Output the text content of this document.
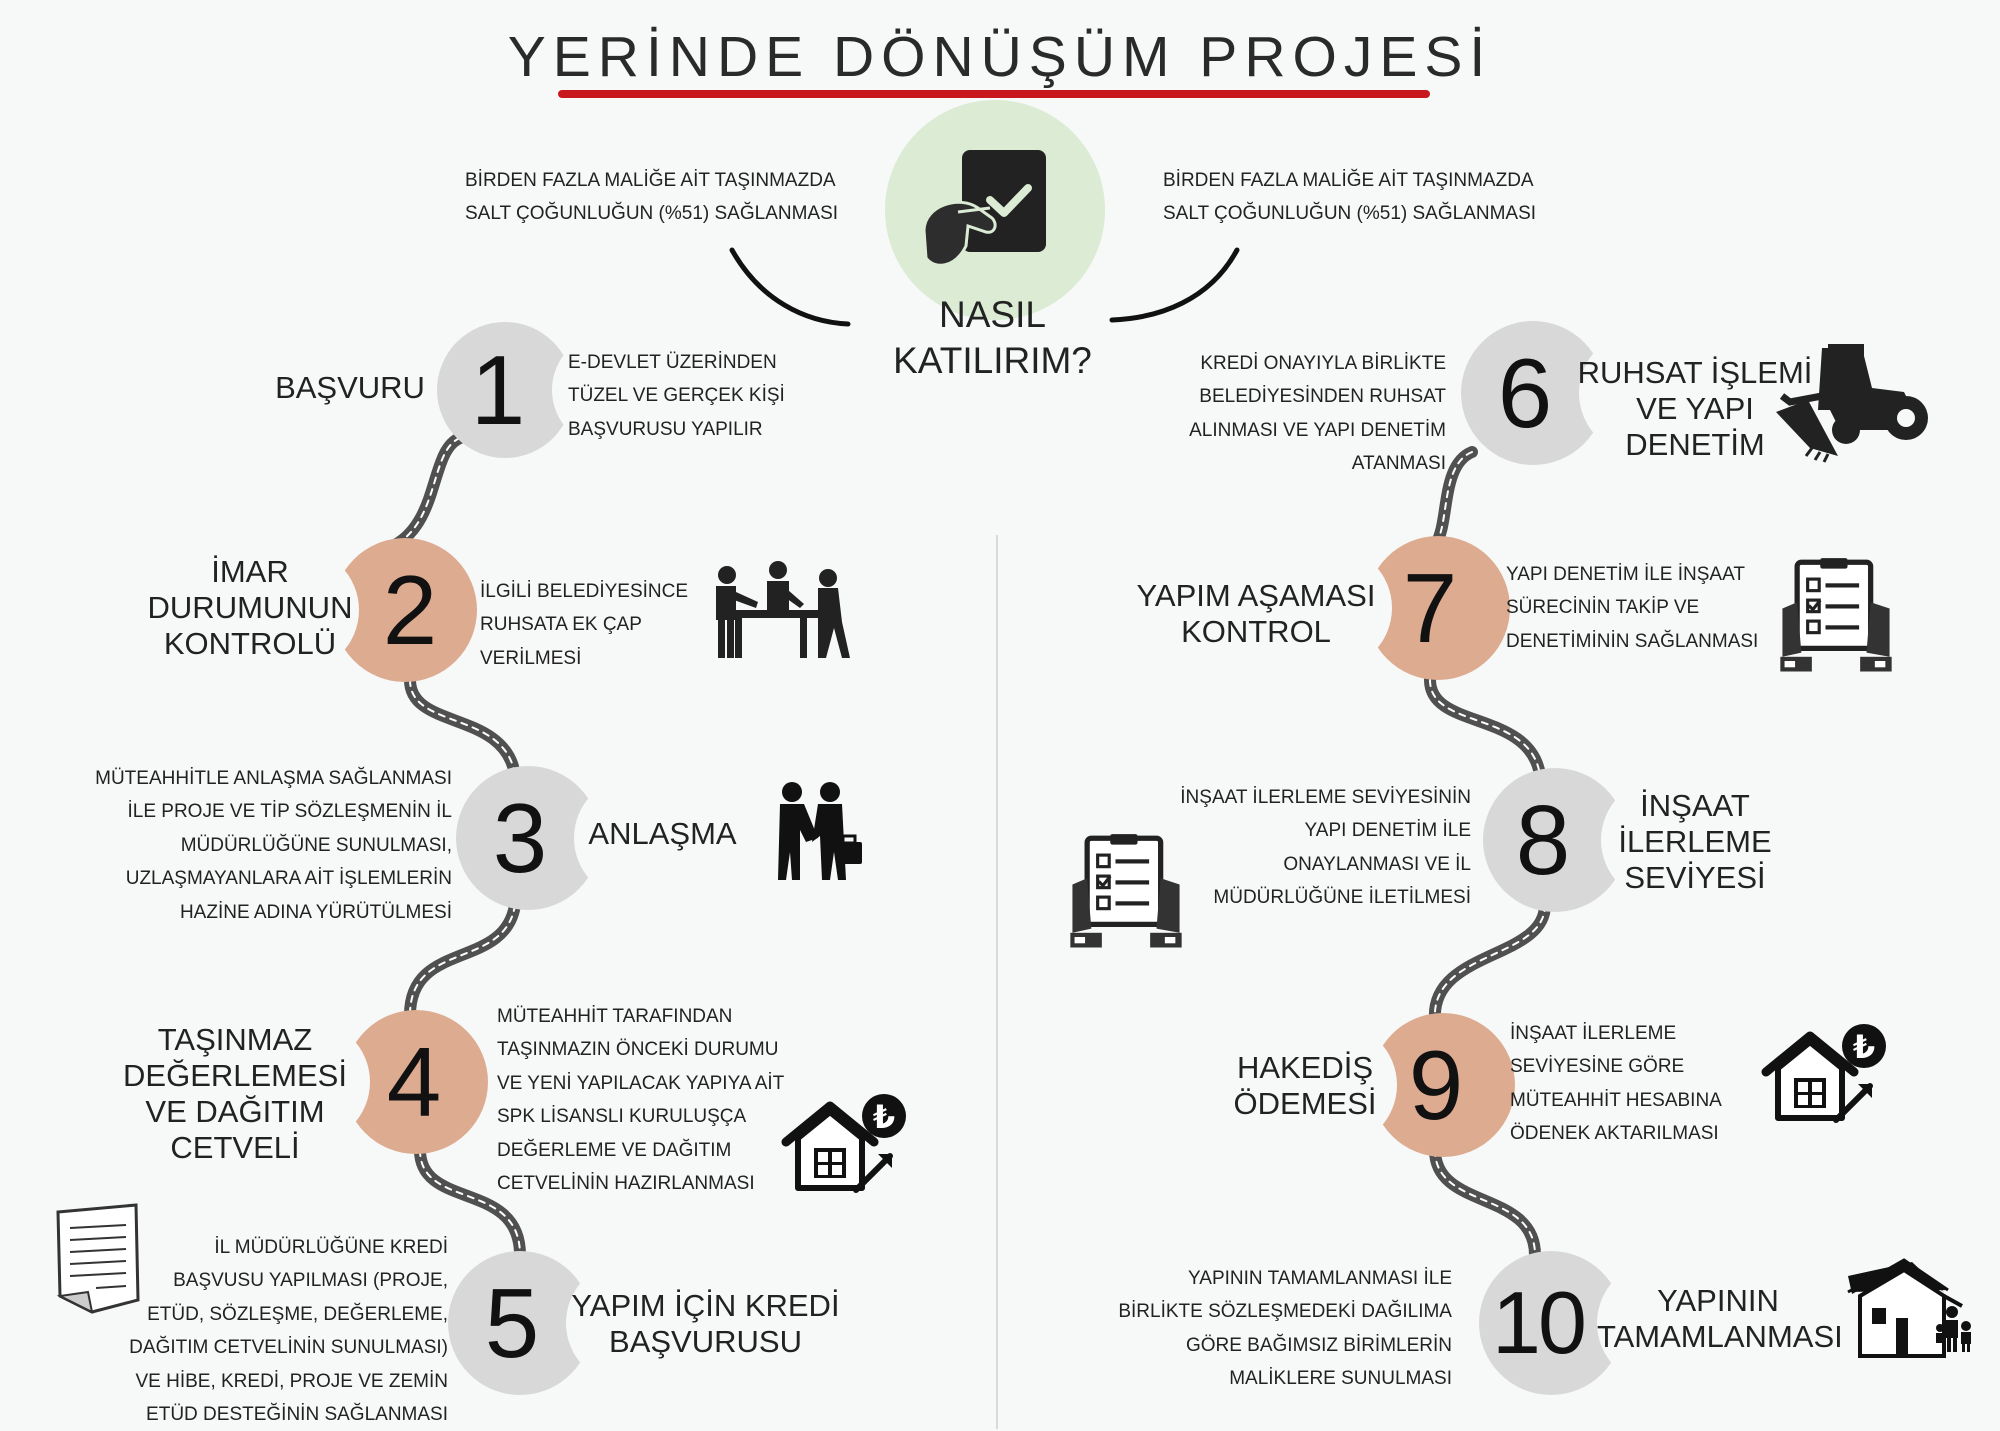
YERİNDE DÖNÜŞÜM PROJESİ
BİRDEN FAZLA MALİĞE AİT TAŞINMAZDA
SALT ÇOĞUNLUĞUN (%51) SAĞLANMASI
BİRDEN FAZLA MALİĞE AİT TAŞINMAZDA
SALT ÇOĞUNLUĞUN (%51) SAĞLANMASI
NASIL
KATILIRIM?
1
2
3
4
5
6
7
8
9
10
BAŞVURU
E-DEVLET ÜZERİNDEN
TÜZEL VE GERÇEK KİŞİ
BAŞVURUSU YAPILIR
İMAR
DURUMUNUN
KONTROLÜ
İLGİLİ BELEDİYESİNCE
RUHSATA EK ÇAP
VERİLMESİ
MÜTEAHHİTLE ANLAŞMA SAĞLANMASI
İLE PROJE VE TİP SÖZLEŞMENİN İL
MÜDÜRLÜĞÜNE SUNULMASI,
UZLAŞMAYANLARA AİT İŞLEMLERİN
HAZİNE ADINA YÜRÜTÜLMESİ
ANLAŞMA
TAŞINMAZ
DEĞERLEMESİ
VE DAĞITIM
CETVELİ
MÜTEAHHİT TARAFINDAN
TAŞINMAZIN ÖNCEKİ DURUMU
VE YENİ YAPILACAK YAPIYA AİT
SPK LİSANSLI KURULUŞÇA
DEĞERLEME VE DAĞITIM
CETVELİNİN HAZIRLANMASI
İL MÜDÜRLÜĞÜNE KREDİ
BAŞVUSU YAPILMASI (PROJE,
ETÜD, SÖZLEŞME, DEĞERLEME,
DAĞITIM CETVELİNİN SUNULMASI)
VE HİBE, KREDİ, PROJE VE ZEMİN
ETÜD DESTEĞİNİN SAĞLANMASI
YAPIM İÇİN KREDİ
BAŞVURUSU
KREDİ ONAYIYLA BİRLİKTE
BELEDİYESİNDEN RUHSAT
ALINMASI VE YAPI DENETİM
ATANMASI
RUHSAT İŞLEMİ
VE YAPI
DENETİM
YAPIM AŞAMASI
KONTROL
YAPI DENETİM İLE İNŞAAT
SÜRECİNİN TAKİP VE
DENETİMİNİN SAĞLANMASI
İNŞAAT İLERLEME SEVİYESİNİN
YAPI DENETİM İLE
ONAYLANMASI VE İL
MÜDÜRLÜĞÜNE İLETİLMESİ
İNŞAAT
İLERLEME
SEVİYESİ
HAKEDİŞ
ÖDEMESİ
İNŞAAT İLERLEME
SEVİYESİNE GÖRE
MÜTEAHHİT HESABINA
ÖDENEK AKTARILMASI
YAPININ TAMAMLANMASI İLE
BİRLİKTE SÖZLEŞMEDEKİ DAĞILIMA
GÖRE BAĞIMSIZ BİRİMLERİN
MALİKLERE SUNULMASI
YAPININ
TAMAMLANMASI
